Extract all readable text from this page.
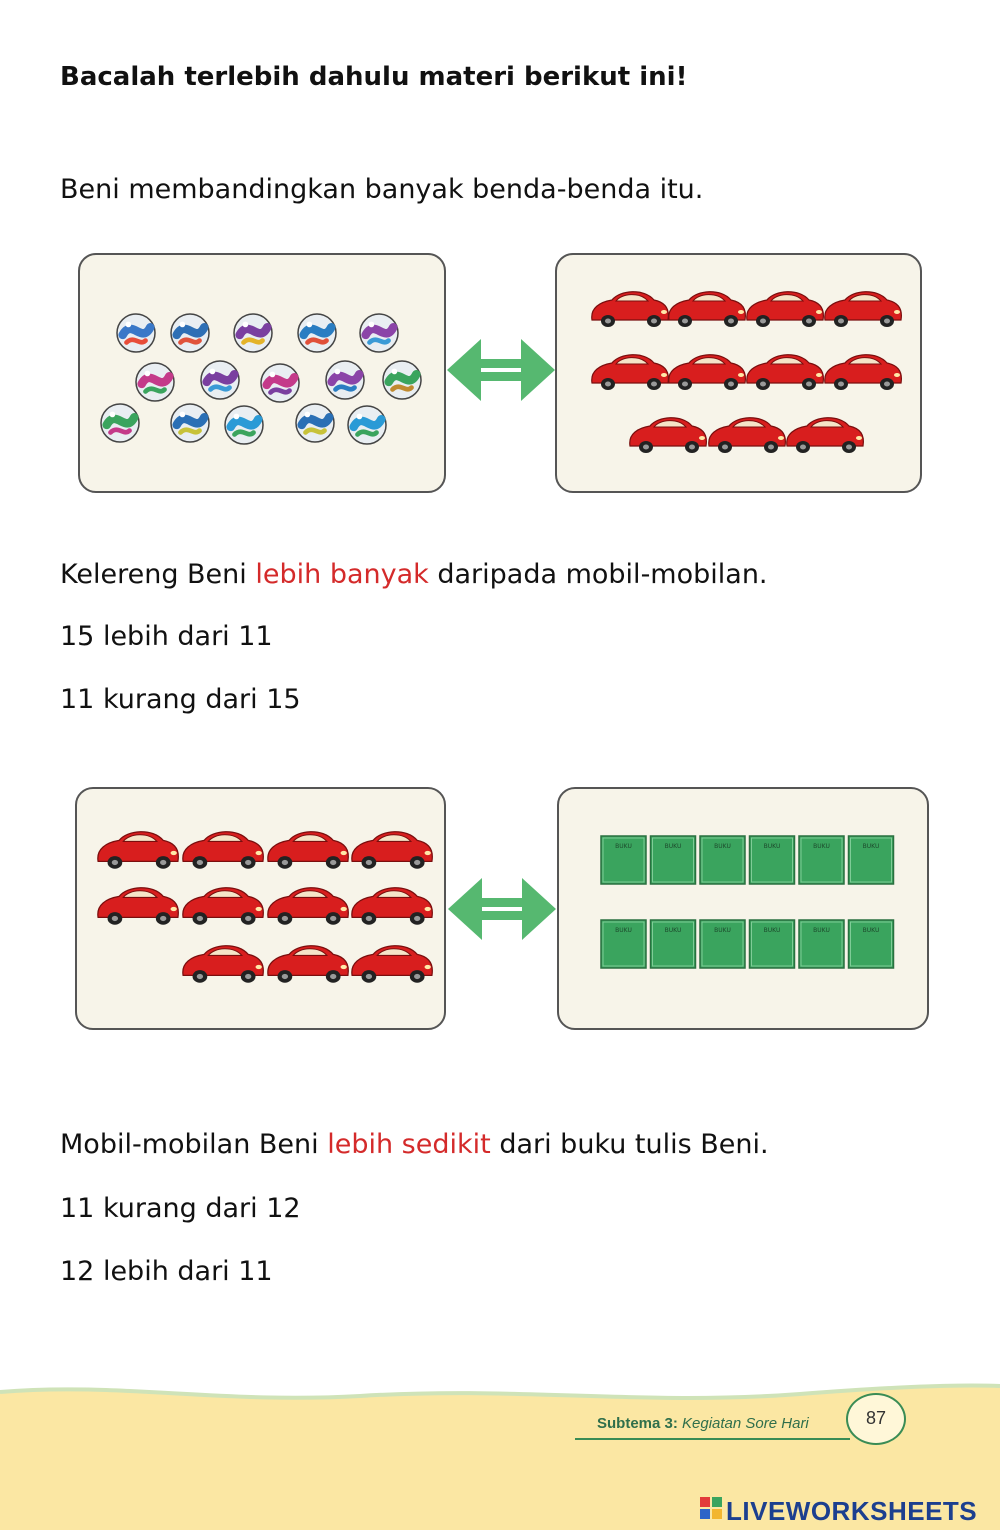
Bacalah terlebih dahulu materi berikut ini!
Beni membandingkan banyak benda-benda itu.
Kelereng Beni lebih banyak daripada mobil-mobilan.
15 lebih dari 11
11 kurang dari 15
BUKU	BUKU	BUKU	BUKU	BUKU	BUKU
BUKU	BUKU	BUKU	BUKU	BUKU	BUKU
Mobil-mobilan Beni lebih sedikit dari buku tulis Beni.
11 kurang dari 12
12 lebih dari 11
Subtema 3: Kegiatan Sore Hari	87
LIVEWORKSHEETS
